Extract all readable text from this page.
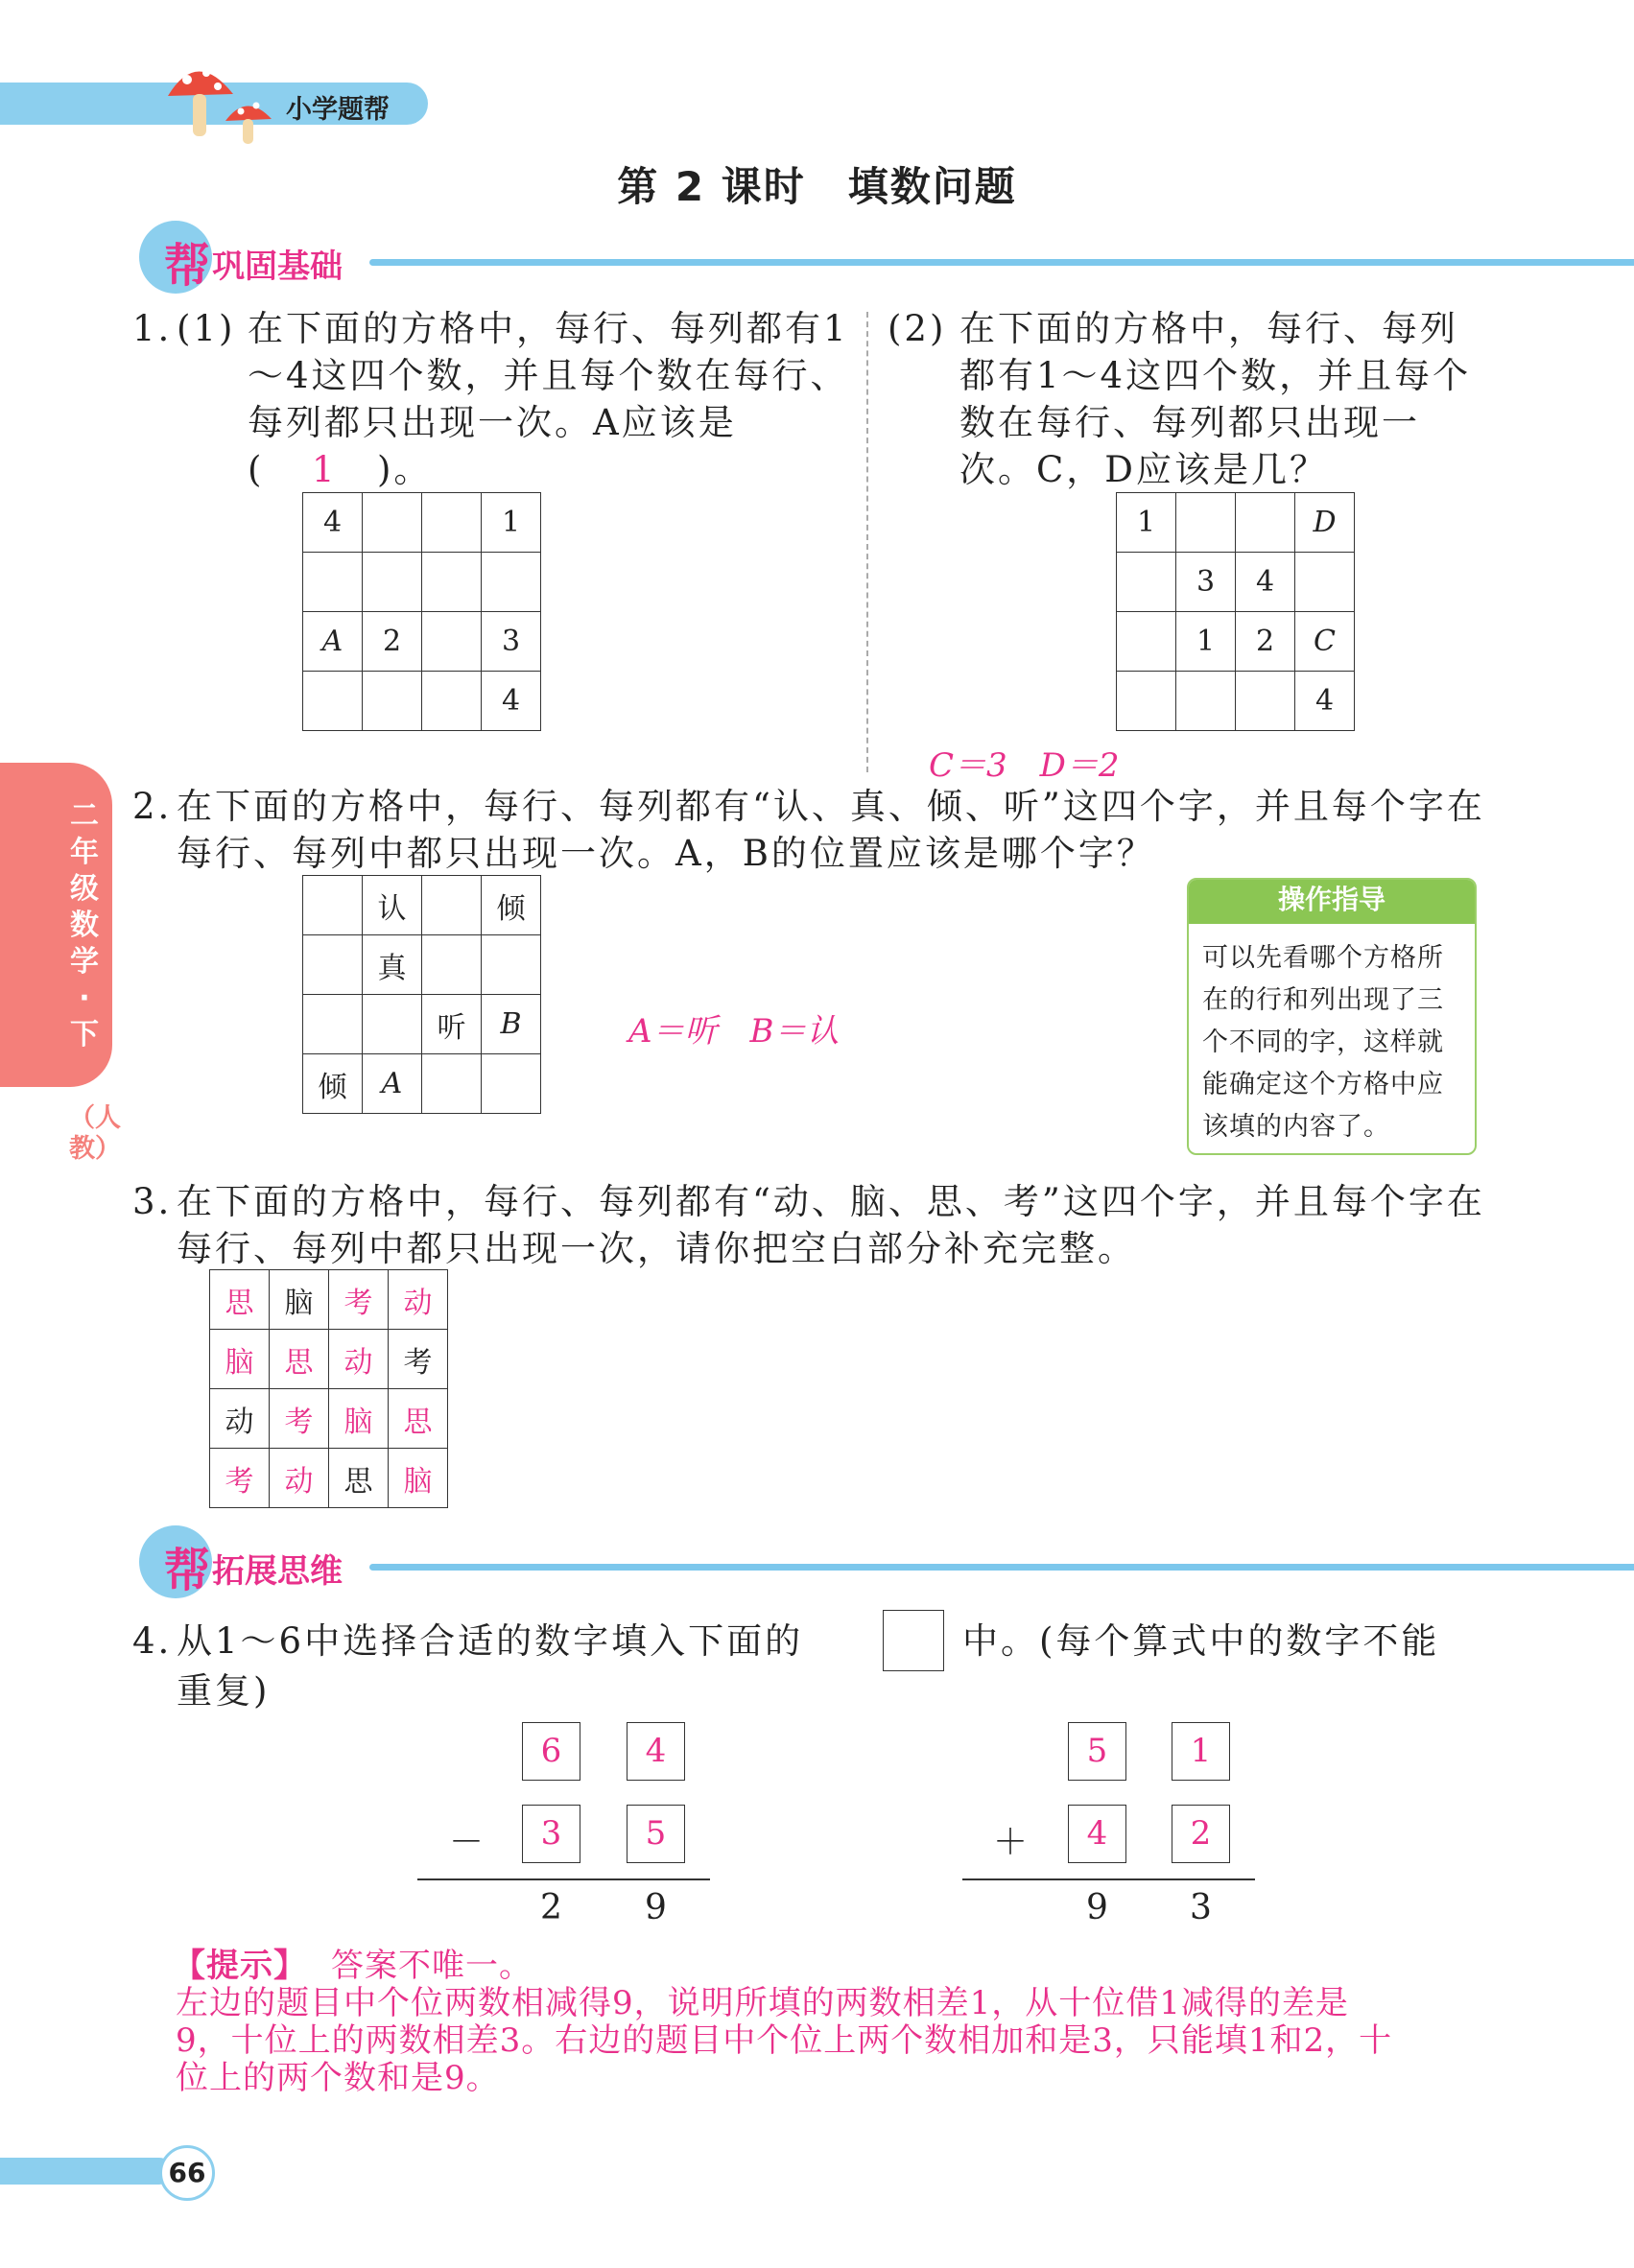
小学题帮
第 2 课时　填数问题
帮 巩固基础
1. (1) 在下面的方格中，每行、每列都有1～4这四个数，并且每个数在每行、每列都只出现一次。A应该是
( 1 )。
4			1

A	2		3
			4
(2) 在下面的方格中，每行、每列都有1～4这四个数，并且每个数在每行、每列都只出现一次。C，D应该是几？
1			D
	3	4	
	1	2	C
			4
C＝3　D＝2
二年级数学·下
（人教）
2. 在下面的方格中，每行、每列都有“认、真、倾、听”这四个字，并且每个字在每行、每列中都只出现一次。A，B的位置应该是哪个字？
	认		倾
	真		
		听	B
倾	A		
A＝听　B＝认
操作指导
可以先看哪个方格所在的行和列出现了三个不同的字，这样就能确定这个方格中应该填的内容了。
3. 在下面的方格中，每行、每列都有“动、脑、思、考”这四个字，并且每个字在每行、每列中都只出现一次，请你把空白部分补充完整。
思	脑	考	动
脑	思	动	考
动	考	脑	思
考	动	思	脑
帮 拓展思维
4. 从1～6中选择合适的数字填入下面的	中。(每个算式中的数字不能
重复)
6	4
－	3	5
2 9
5	1
＋	4	2
9 3
【提示】 答案不唯一。
左边的题目中个位两数相减得9，说明所填的两数相差1，从十位借1减得的差是
9，十位上的两数相差3。右边的题目中个位上两个数相加和是3，只能填1和2，十
位上的两个数和是9。
66
